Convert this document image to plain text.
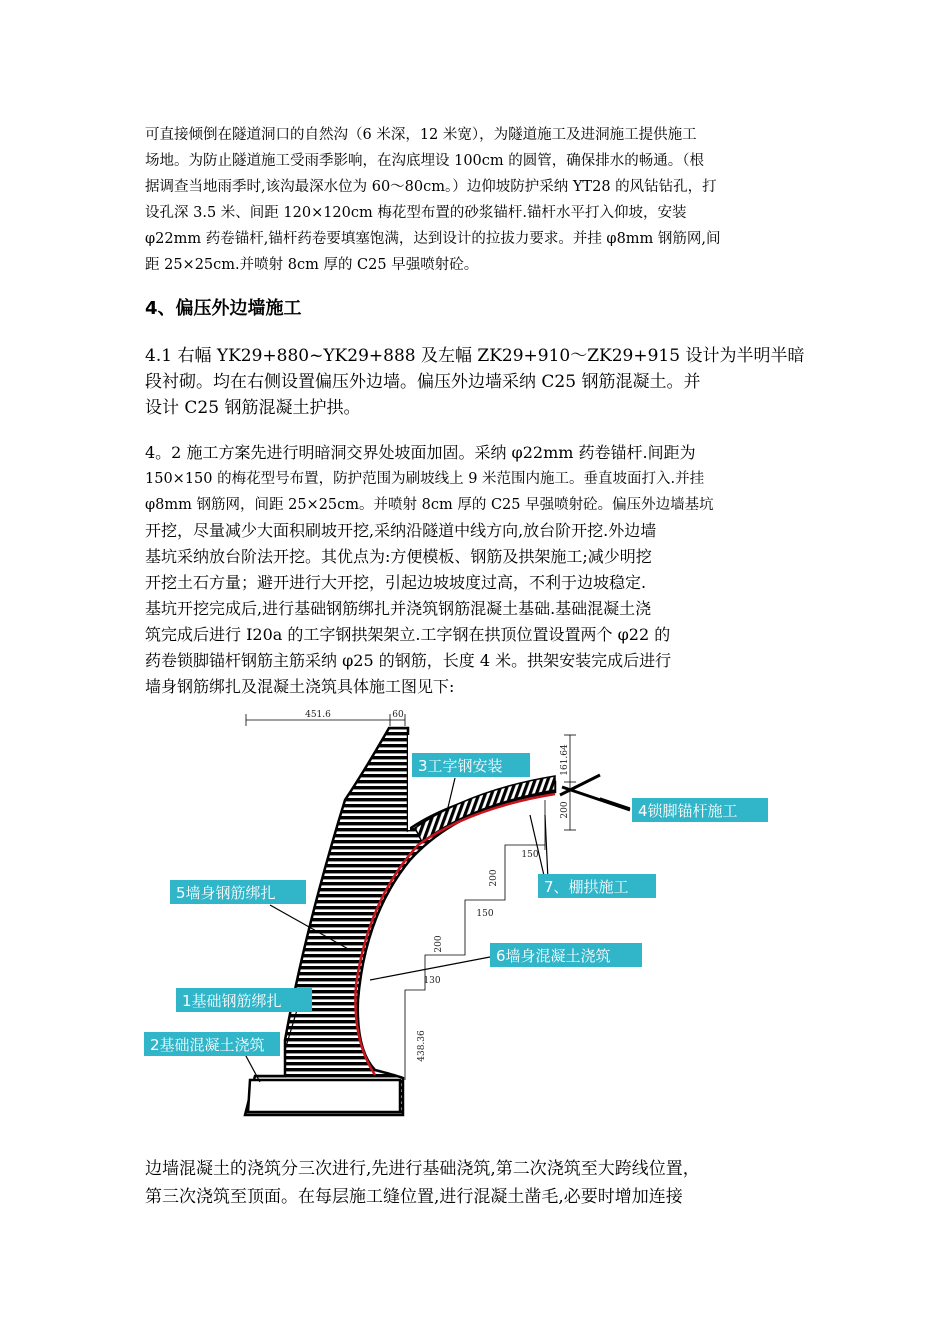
可直接倾倒在隧道洞口的自然沟（6 米深，12 米宽），为隧道施工及进洞施工提供施工
场地。为防止隧道施工受雨季影响，在沟底埋设 100cm 的圆管，确保排水的畅通。（根
据调查当地雨季时,该沟最深水位为 60～80cm。）边仰坡防护采纳 YT28 的风钻钻孔，打
设孔深 3.5 米、间距 120×120cm 梅花型布置的砂浆锚杆.锚杆水平打入仰坡，安装
φ22mm 药卷锚杆,锚杆药卷要填塞饱满，达到设计的拉拔力要求。并挂 φ8mm 钢筋网,间
距 25×25cm.并喷射 8cm 厚的 C25 早强喷射砼。

4、偏压外边墙施工

4.1 右幅 YK29+880~YK29+888 及左幅 ZK29+910～ZK29+915 设计为半明半暗
段衬砌。均在右侧设置偏压外边墙。偏压外边墙采纳 C25 钢筋混凝土。并
设计 C25 钢筋混凝土护拱。

4。2 施工方案先进行明暗洞交界处坡面加固。采纳 φ22mm 药卷锚杆.间距为
150×150 的梅花型号布置，防护范围为刷坡线上 9 米范围内施工。垂直坡面打入.并挂
φ8mm 钢筋网，间距 25×25cm。并喷射 8cm 厚的 C25 早强喷射砼。偏压外边墙基坑
开挖，尽量减少大面积刷坡开挖,采纳沿隧道中线方向,放台阶开挖.外边墙
基坑采纳放台阶法开挖。其优点为:方便模板、钢筋及拱架施工;减少明挖
开挖土石方量；避开进行大开挖，引起边坡坡度过高，不利于边坡稳定.
基坑开挖完成后,进行基础钢筋绑扎并浇筑钢筋混凝土基础.基础混凝土浇
筑完成后进行 I20a 的工字钢拱架架立.工字钢在拱顶位置设置两个 φ22 的
药卷锁脚锚杆钢筋主筋采纳 φ25 的钢筋，长度 4 米。拱架安装完成后进行
墙身钢筋绑扎及混凝土浇筑具体施工图见下:

451.6	60
161.64
200
150
200
150
200
130
438.36
3工字钢安装
4锁脚锚杆施工
5墙身钢筋绑扎	7、棚拱施工
6墙身混凝土浇筑
1基础钢筋绑扎
2基础混凝土浇筑

边墙混凝土的浇筑分三次进行,先进行基础浇筑,第二次浇筑至大跨线位置，
第三次浇筑至顶面。在每层施工缝位置,进行混凝土凿毛,必要时增加连接
